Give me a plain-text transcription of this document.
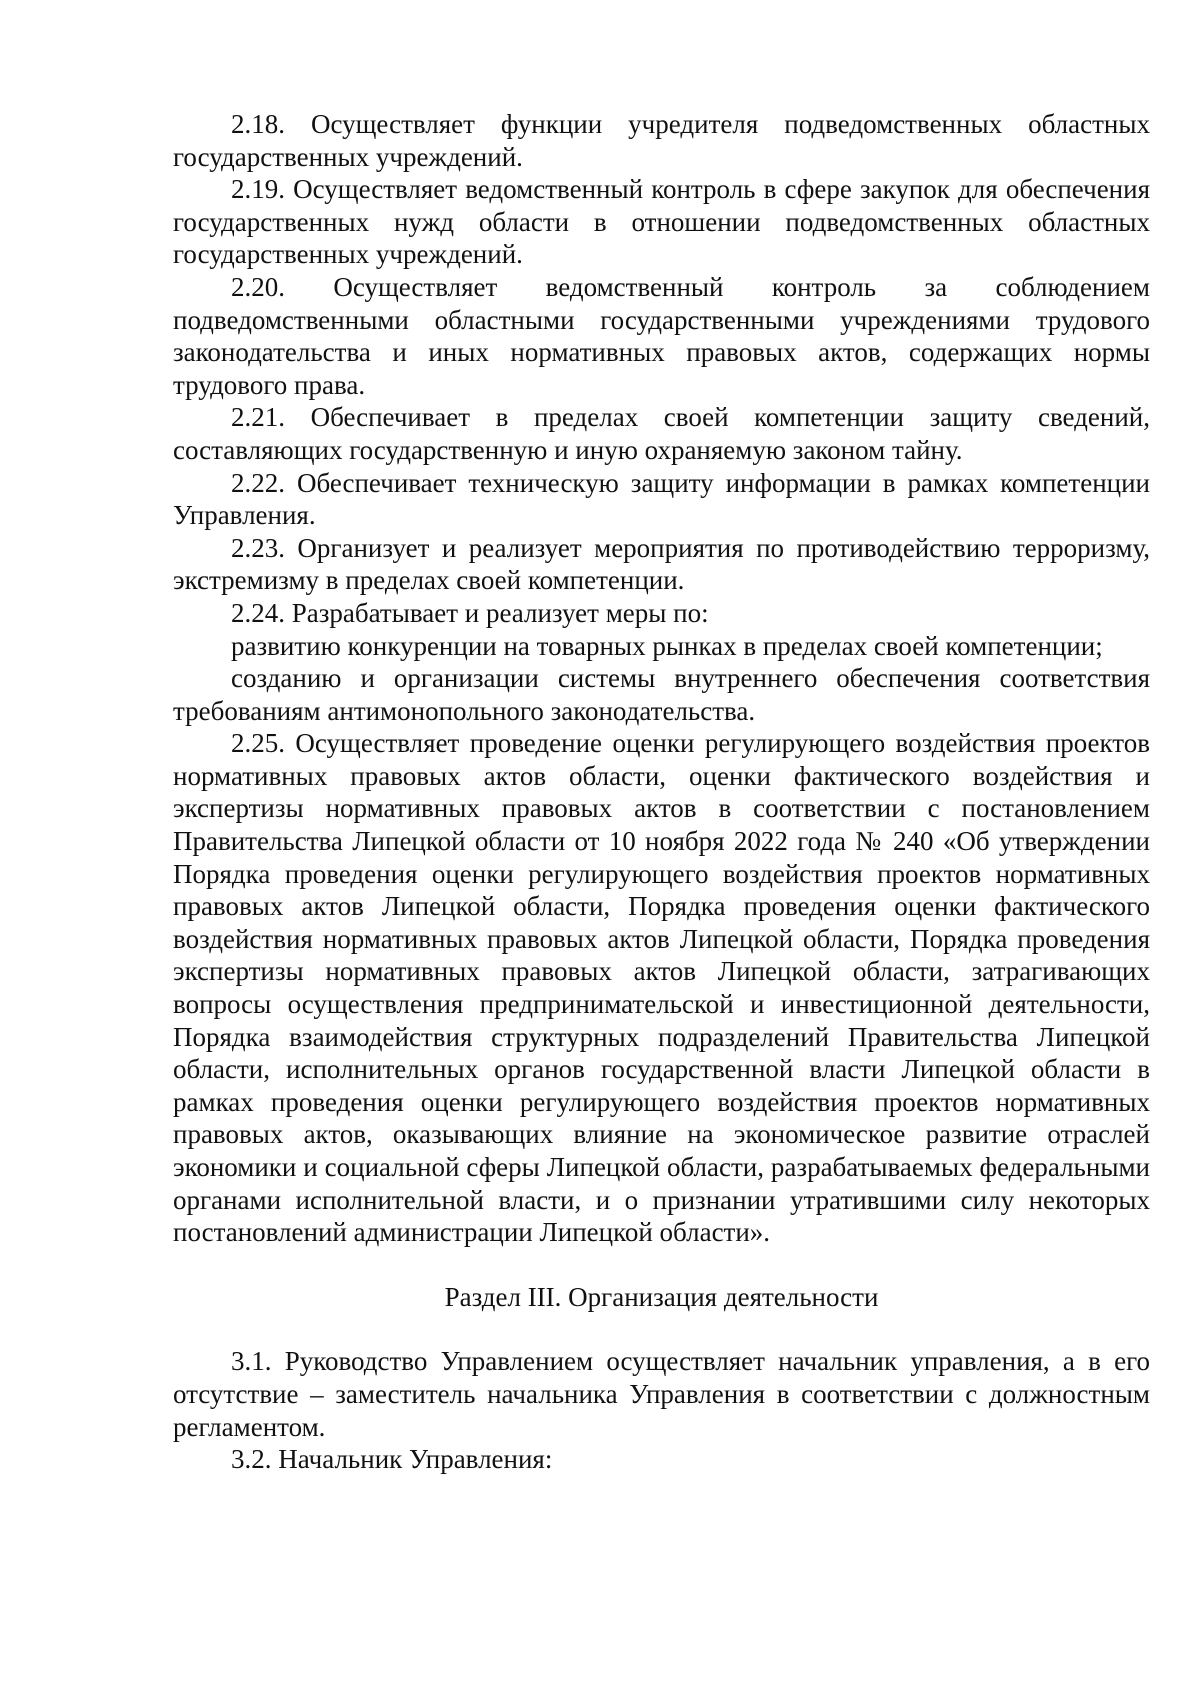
2.18. Осуществляет функции учредителя подведомственных областных государственных учреждений.

2.19. Осуществляет ведомственный контроль в сфере закупок для обеспечения государственных нужд области в отношении подведомственных областных государственных учреждений.

2.20. Осуществляет ведомственный контроль за соблюдением подведомственными областными государственными учреждениями трудового законодательства и иных нормативных правовых актов, содержащих нормы трудового права.

2.21. Обеспечивает в пределах своей компетенции защиту сведений, составляющих государственную и иную охраняемую законом тайну.

2.22. Обеспечивает техническую защиту информации в рамках компетенции Управления.

2.23. Организует и реализует мероприятия по противодействию терроризму, экстремизму в пределах своей компетенции.

2.24. Разрабатывает и реализует меры по:

развитию конкуренции на товарных рынках в пределах своей компетенции;

созданию и организации системы внутреннего обеспечения соответствия требованиям антимонопольного законодательства.

2.25. Осуществляет проведение оценки регулирующего воздействия проектов нормативных правовых актов области, оценки фактического воздействия и экспертизы нормативных правовых актов в соответствии с постановлением Правительства Липецкой области от 10 ноября 2022 года № 240 «Об утверждении Порядка проведения оценки регулирующего воздействия проектов нормативных правовых актов Липецкой области, Порядка проведения оценки фактического воздействия нормативных правовых актов Липецкой области, Порядка проведения экспертизы нормативных правовых актов Липецкой области, затрагивающих вопросы осуществления предпринимательской и инвестиционной деятельности, Порядка взаимодействия структурных подразделений Правительства Липецкой области, исполнительных органов государственной власти Липецкой области в рамках проведения оценки регулирующего воздействия проектов нормативных правовых актов, оказывающих влияние на экономическое развитие отраслей экономики и социальной сферы Липецкой области, разрабатываемых федеральными органами исполнительной власти, и о признании утратившими силу некоторых постановлений администрации Липецкой области».

Раздел III. Организация деятельности

3.1. Руководство Управлением осуществляет начальник управления, а в его отсутствие – заместитель начальника Управления в соответствии с должностным регламентом.

3.2. Начальник Управления:
